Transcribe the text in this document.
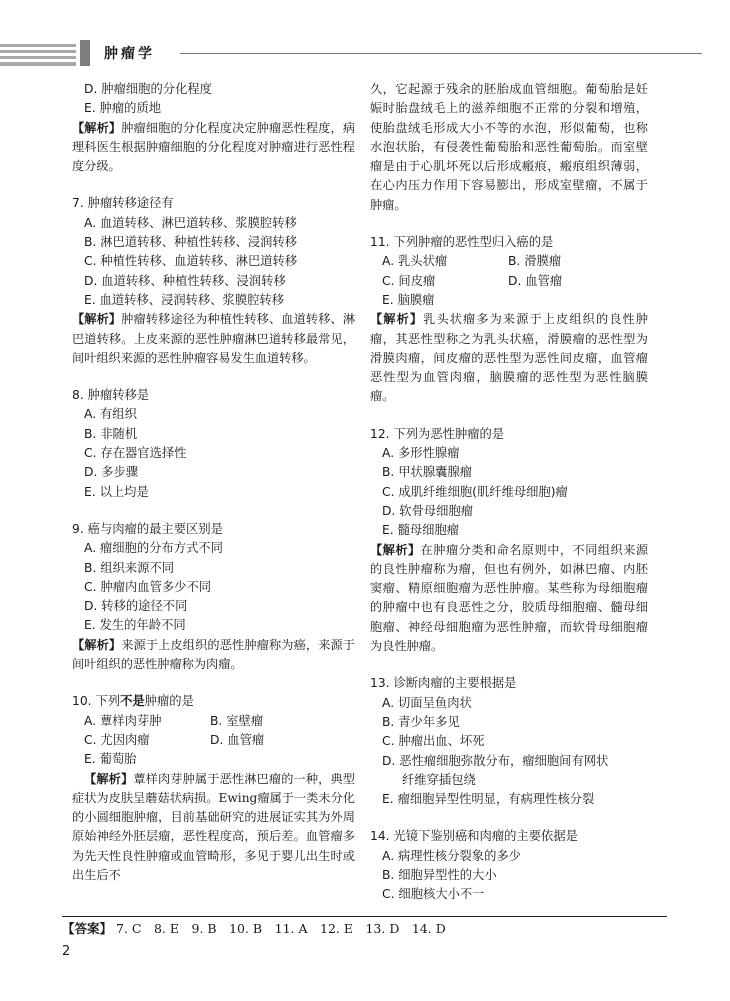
肿瘤学
D. 肿瘤细胞的分化程度
E. 肿瘤的质地
【解析】肿瘤细胞的分化程度决定肿瘤恶性程度，病理科医生根据肿瘤细胞的分化程度对肿瘤进行恶性程度分级。
7. 肿瘤转移途径有
A. 血道转移、淋巴道转移、浆膜腔转移
B. 淋巴道转移、种植性转移、浸润转移
C. 种植性转移、血道转移、淋巴道转移
D. 血道转移、种植性转移、浸润转移
E. 血道转移、浸润转移、浆膜腔转移
【解析】肿瘤转移途径为种植性转移、血道转移、淋巴道转移。上皮来源的恶性肿瘤淋巴道转移最常见，间叶组织来源的恶性肿瘤容易发生血道转移。
8. 肿瘤转移是
A. 有组织
B. 非随机
C. 存在器官选择性
D. 多步骤
E. 以上均是
9. 癌与肉瘤的最主要区别是
A. 瘤细胞的分布方式不同
B. 组织来源不同
C. 肿瘤内血管多少不同
D. 转移的途径不同
E. 发生的年龄不同
【解析】来源于上皮组织的恶性肿瘤称为癌，来源于间叶组织的恶性肿瘤称为肉瘤。
10. 下列不是肿瘤的是
A. 蕈样肉芽肿	B. 室壁瘤
C. 尤因肉瘤	D. 血管瘤
E. 葡萄胎
【解析】蕈样肉芽肿属于恶性淋巴瘤的一种，典型症状为皮肤呈蘑菇状病损。Ewing瘤属于一类未分化的小圆细胞肿瘤，目前基础研究的进展证实其为外周原始神经外胚层瘤，恶性程度高，预后差。血管瘤多为先天性良性肿瘤或血管畸形，多见于婴儿出生时或出生后不
久，它起源于残余的胚胎成血管细胞。葡萄胎是妊娠时胎盘绒毛上的滋养细胞不正常的分裂和增殖，使胎盘绒毛形成大小不等的水泡，形似葡萄，也称水泡状胎，有侵袭性葡萄胎和恶性葡萄胎。而室壁瘤是由于心肌坏死以后形成瘢痕，瘢痕组织薄弱，在心内压力作用下容易膨出，形成室壁瘤，不属于肿瘤。
11. 下列肿瘤的恶性型归入癌的是
A. 乳头状瘤	B. 滑膜瘤
C. 间皮瘤	D. 血管瘤
E. 脑膜瘤
【解析】乳头状瘤多为来源于上皮组织的良性肿瘤，其恶性型称之为乳头状癌，滑膜瘤的恶性型为滑膜肉瘤，间皮瘤的恶性型为恶性间皮瘤，血管瘤恶性型为血管肉瘤，脑膜瘤的恶性型为恶性脑膜瘤。
12. 下列为恶性肿瘤的是
A. 多形性腺瘤
B. 甲状腺囊腺瘤
C. 成肌纤维细胞(肌纤维母细胞)瘤
D. 软骨母细胞瘤
E. 髓母细胞瘤
【解析】在肿瘤分类和命名原则中，不同组织来源的良性肿瘤称为瘤，但也有例外，如淋巴瘤、内胚窦瘤、精原细胞瘤为恶性肿瘤。某些称为母细胞瘤的肿瘤中也有良恶性之分，胶质母细胞瘤、髓母细胞瘤、神经母细胞瘤为恶性肿瘤，而软骨母细胞瘤为良性肿瘤。
13. 诊断肉瘤的主要根据是
A. 切面呈鱼肉状
B. 青少年多见
C. 肿瘤出血、坏死
D. 恶性瘤细胞弥散分布，瘤细胞间有网状
纤维穿插包绕
E. 瘤细胞异型性明显，有病理性核分裂
14. 光镜下鉴别癌和肉瘤的主要依据是
A. 病理性核分裂象的多少
B. 细胞异型性的大小
C. 细胞核大小不一
【答案】 7. C　8. E　9. B　10. B　11. A　12. E　13. D　14. D
2
